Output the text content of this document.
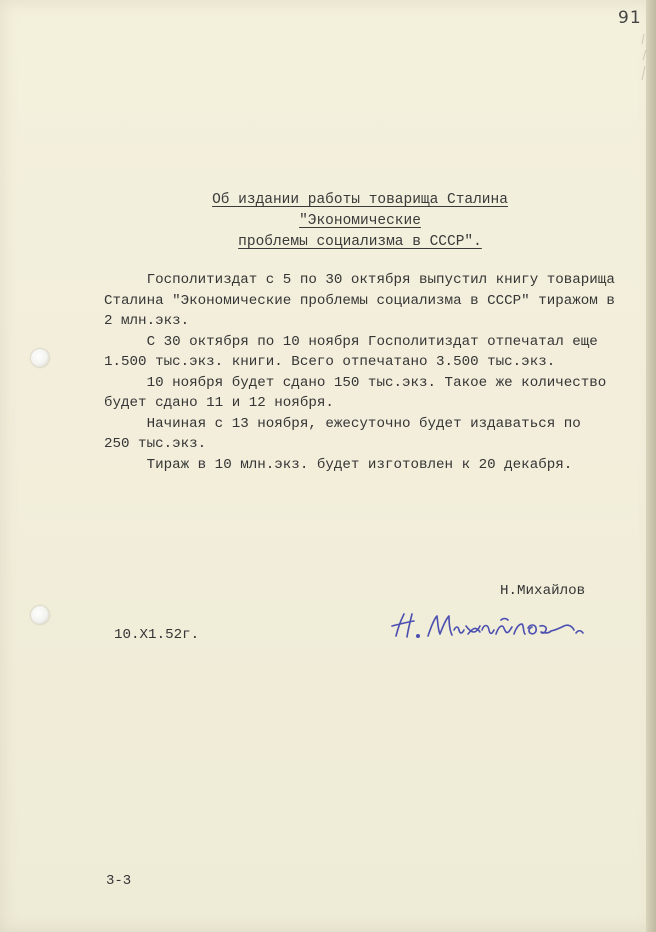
91
Об издании работы товарища Сталина "Экономические
проблемы социализма в СССР".

Госполитиздат с 5 по 30 октября выпустил книгу товарища

Сталина "Экономические проблемы социализма в СССР" тиражом в

2 млн.экз.

С 30 октября по 10 ноября Госполитиздат отпечатал еще

1.500 тыс.экз. книги. Всего отпечатано 3.500 тыс.экз.

10 ноября будет сдано 150 тыс.экз. Такое же количество

будет сдано 11 и 12 ноября.

Начиная с 13 ноября, ежесуточно будет издаваться по

250 тыс.экз.

Тираж в 10 млн.экз. будет изготовлен к 20 декабря.

Н.Михайлов
10.Х1.52г.
3-3
